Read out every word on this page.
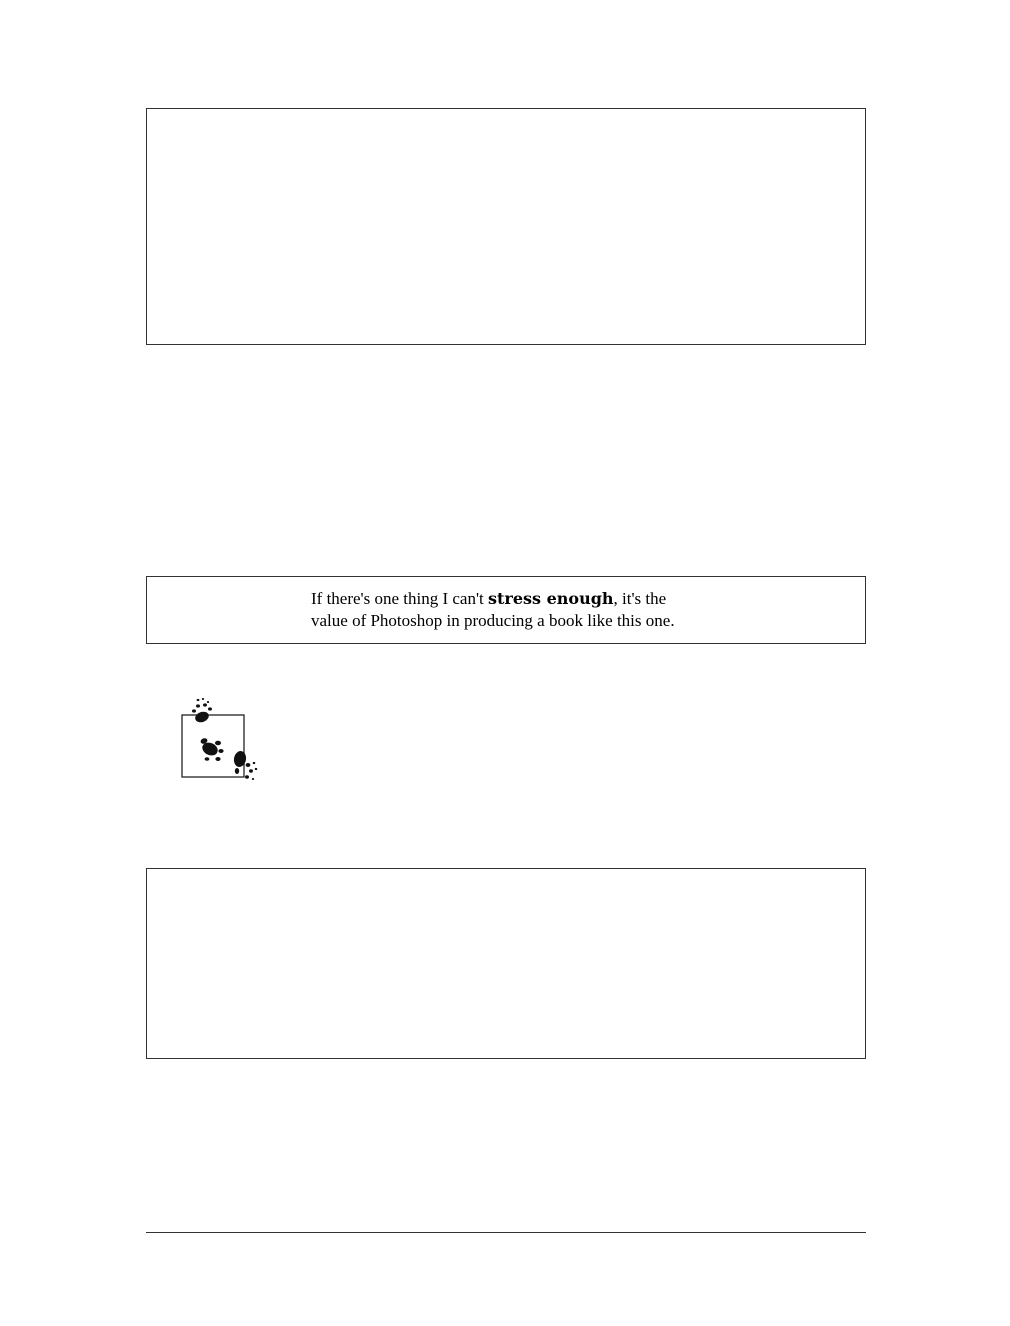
If there's one thing I can't stress enough, it's the
value of Photoshop in producing a book like this one.
